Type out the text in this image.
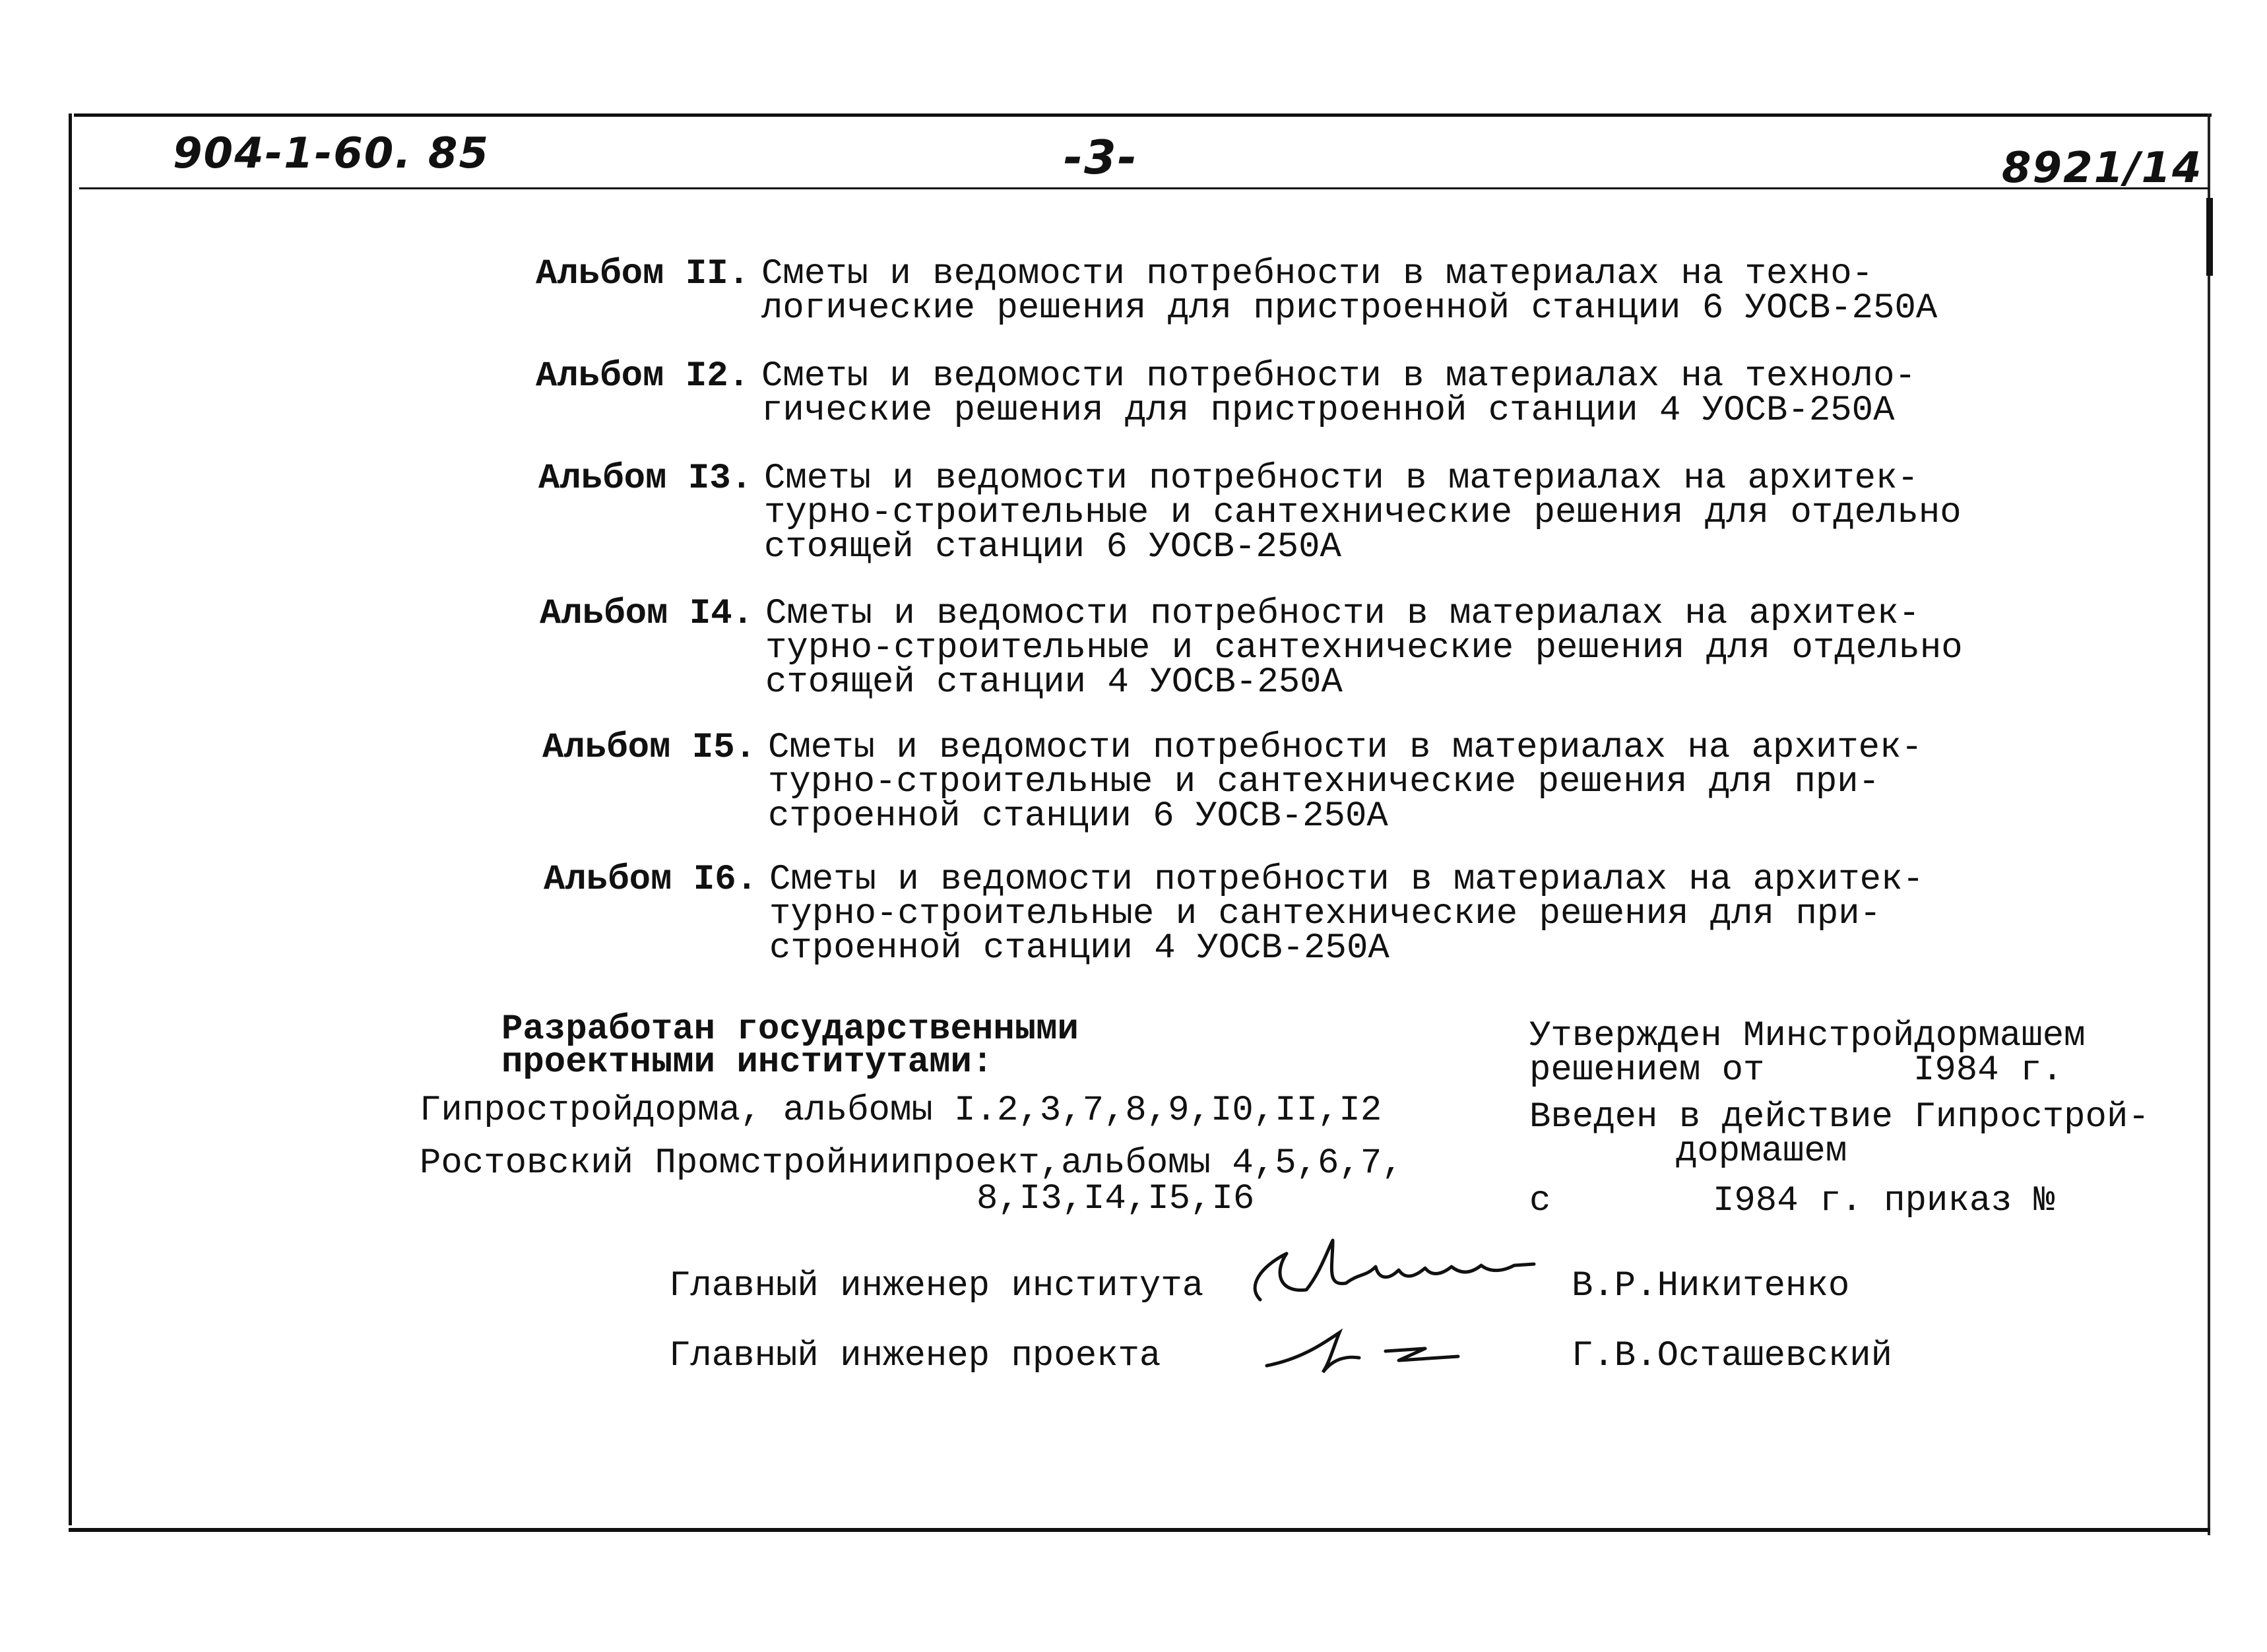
904-1-60. 85	-3-	8921/14
Альбом II. Сметы и ведомости потребности в материалах на техно-
логические решения для пристроенной станции 6 УОСВ-250А
Альбом I2. Сметы и ведомости потребности в материалах на техноло-
гические решения для пристроенной станции 4 УОСВ-250А
Альбом I3. Сметы и ведомости потребности в материалах на архитек-
турно-строительные и сантехнические решения для отдельно
стоящей станции 6 УОСВ-250А
Альбом I4. Сметы и ведомости потребности в материалах на архитек-
турно-строительные и сантехнические решения для отдельно
стоящей станции 4 УОСВ-250А
Альбом I5. Сметы и ведомости потребности в материалах на архитек-
турно-строительные и сантехнические решения для при-
строенной станции 6 УОСВ-250А
Альбом I6. Сметы и ведомости потребности в материалах на архитек-
турно-строительные и сантехнические решения для при-
строенной станции 4 УОСВ-250А
Разработан государственными
проектными институтами:
Гипростройдорма, альбомы I.2,3,7,8,9,I0,II,I2
Ростовский Промстройниипроект,альбомы 4,5,6,7,
8,I3,I4,I5,I6
Утвержден Минстройдормашем
решением от	I984 г.
Введен в действие Гипрострой-
дормашем
с	I984 г. приказ №
Главный инженер института	В.Р.Никитенко
Главный инженер проекта	Г.В.Осташевский
